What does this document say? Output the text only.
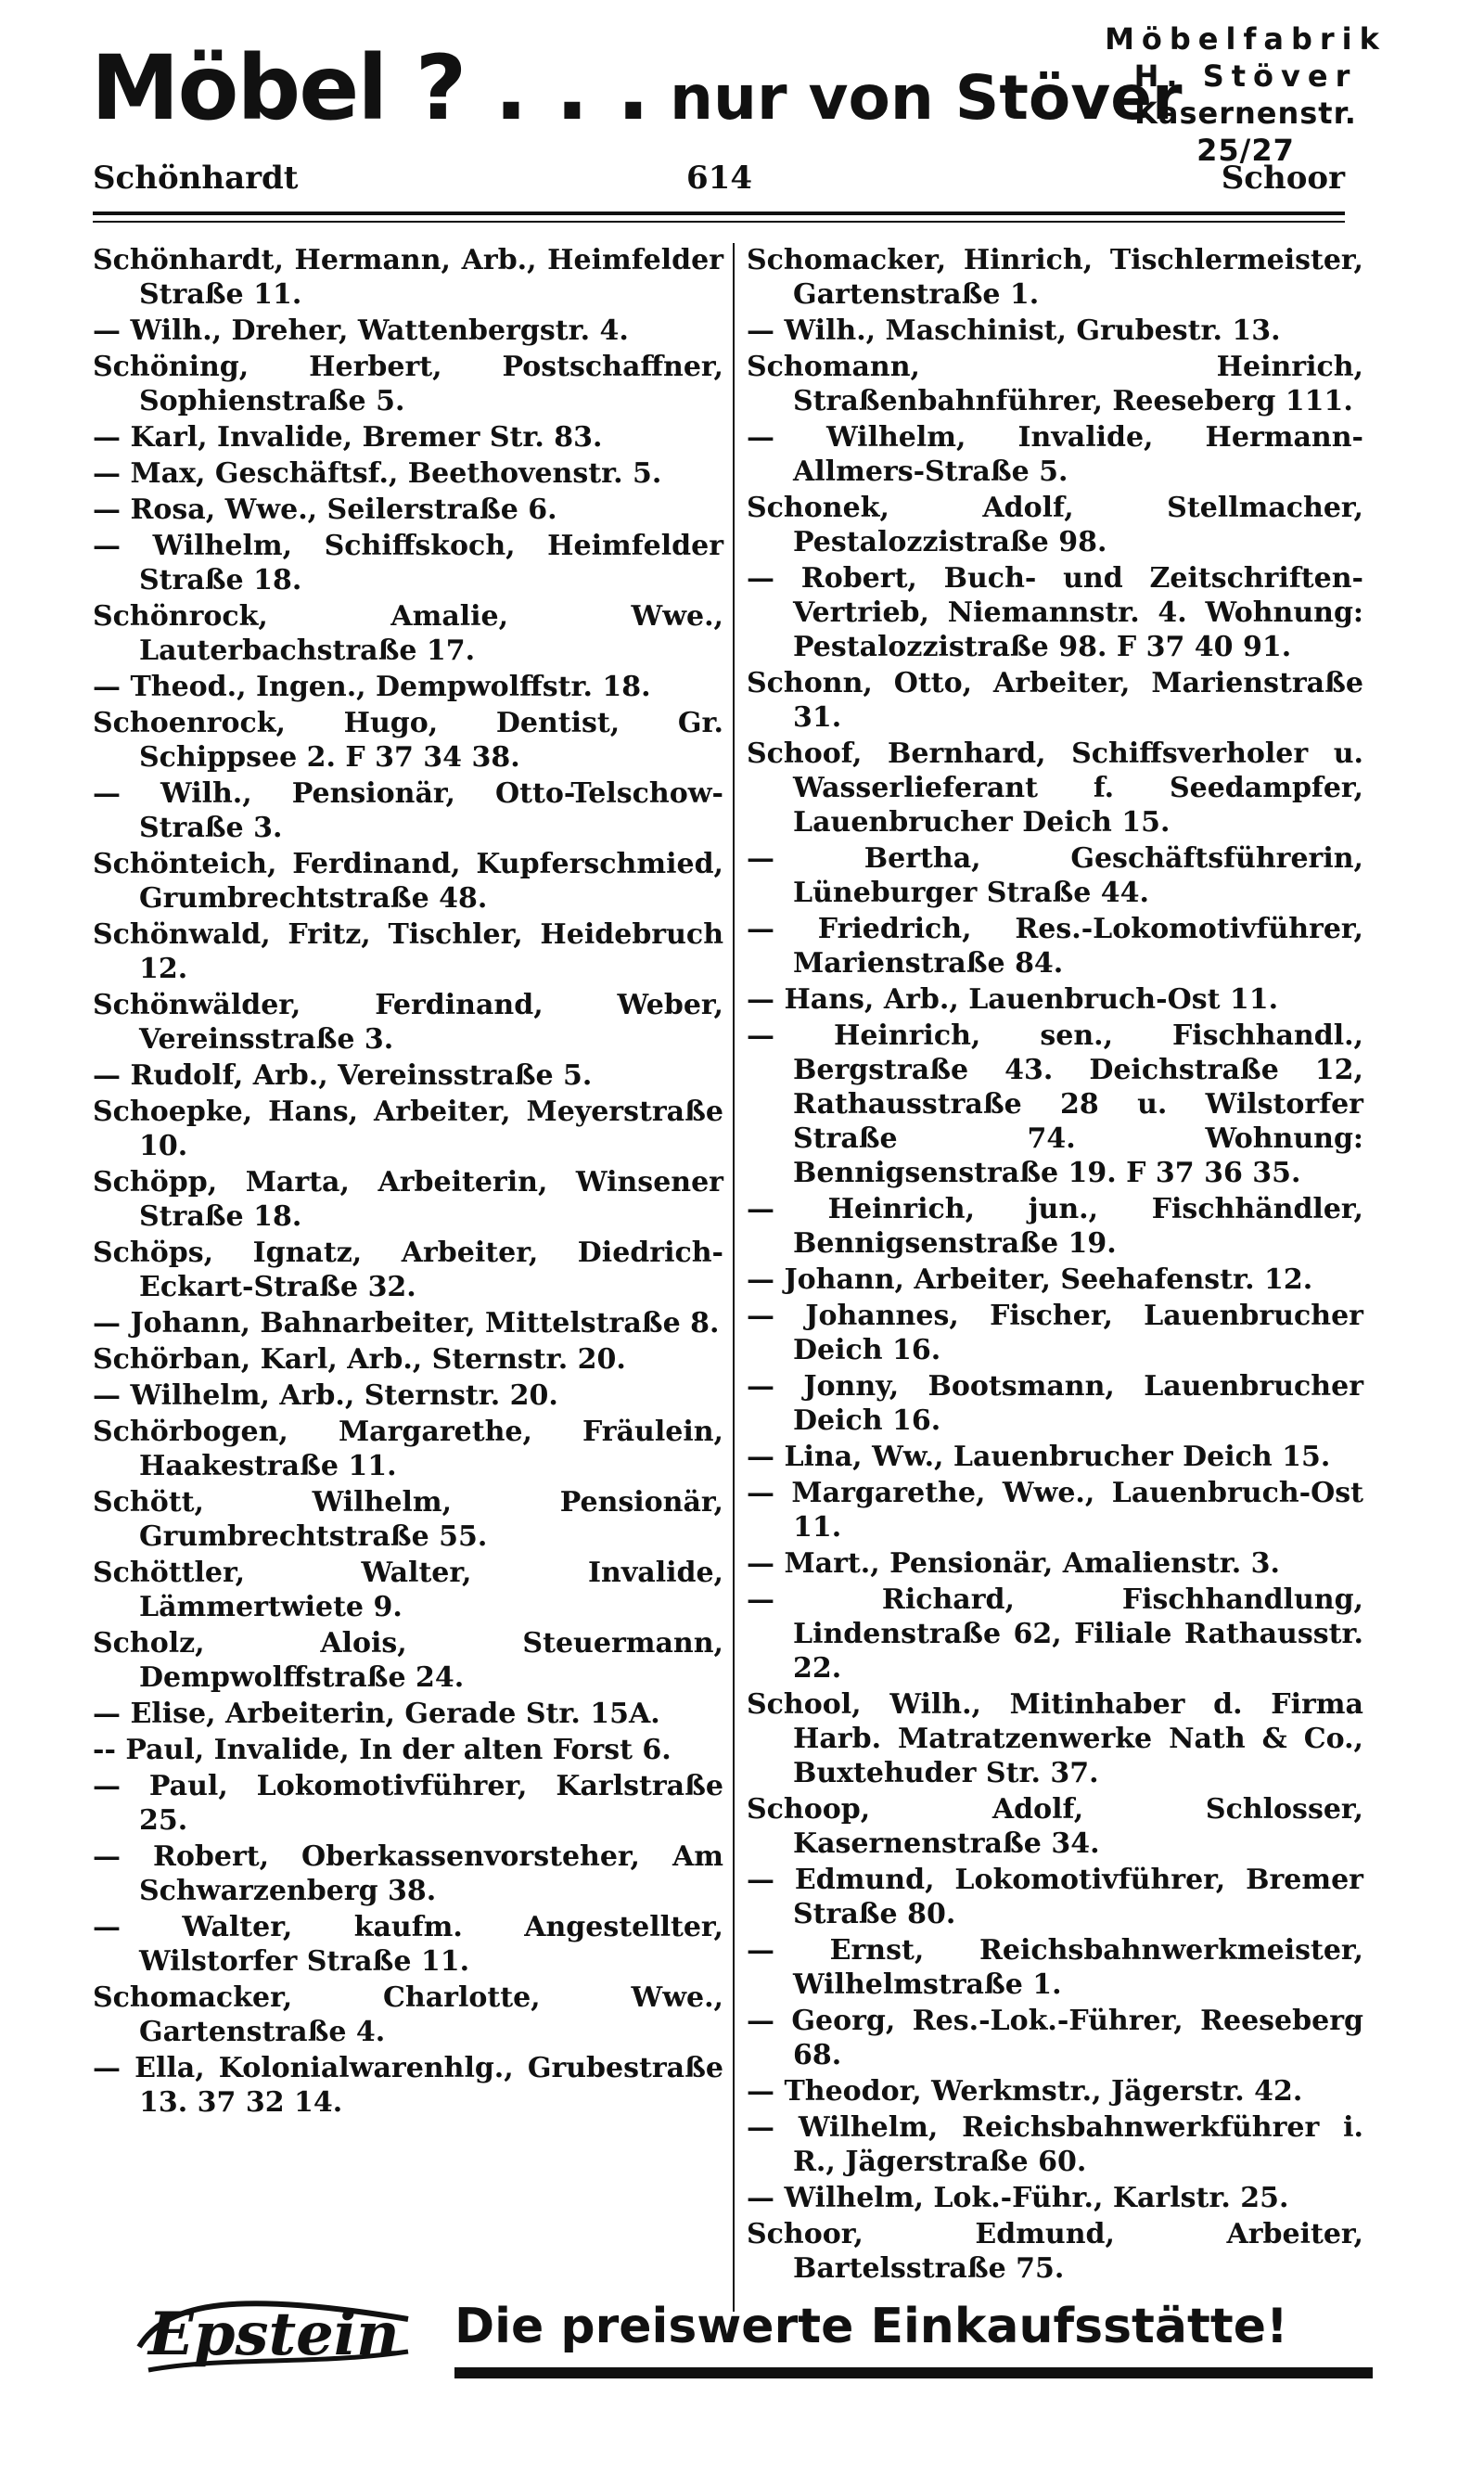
Möbel ? . . . nur von Stöver
Möbelfabrik
H. Stöver
Kasernenstr. 25/27
Schönhardt	614	Schoor
Schönhardt, Hermann, Arb., Heimfelder Straße 11.
— Wilh., Dreher, Wattenbergstr. 4.
Schöning, Herbert, Postschaffner, Sophienstraße 5.
— Karl, Invalide, Bremer Str. 83.
— Max, Geschäftsf., Beethovenstr. 5.
— Rosa, Wwe., Seilerstraße 6.
— Wilhelm, Schiffskoch, Heimfelder Straße 18.
Schönrock, Amalie, Wwe., Lauterbachstraße 17.
— Theod., Ingen., Dempwolffstr. 18.
Schoenrock, Hugo, Dentist, Gr. Schippsee 2. F 37 34 38.
— Wilh., Pensionär, Otto-Telschow-Straße 3.
Schönteich, Ferdinand, Kupferschmied, Grumbrechtstraße 48.
Schönwald, Fritz, Tischler, Heidebruch 12.
Schönwälder, Ferdinand, Weber, Vereinsstraße 3.
— Rudolf, Arb., Vereinsstraße 5.
Schoepke, Hans, Arbeiter, Meyerstraße 10.
Schöpp, Marta, Arbeiterin, Winsener Straße 18.
Schöps, Ignatz, Arbeiter, Diedrich-Eckart-Straße 32.
— Johann, Bahnarbeiter, Mittelstraße 8.
Schörban, Karl, Arb., Sternstr. 20.
— Wilhelm, Arb., Sternstr. 20.
Schörbogen, Margarethe, Fräulein, Haakestraße 11.
Schött, Wilhelm, Pensionär, Grumbrechtstraße 55.
Schöttler, Walter, Invalide, Lämmertwiete 9.
Scholz, Alois, Steuermann, Dempwolffstraße 24.
— Elise, Arbeiterin, Gerade Str. 15A.
-- Paul, Invalide, In der alten Forst 6.
— Paul, Lokomotivführer, Karlstraße 25.
— Robert, Oberkassenvorsteher, Am Schwarzenberg 38.
— Walter, kaufm. Angestellter, Wilstorfer Straße 11.
Schomacker, Charlotte, Wwe., Gartenstraße 4.
— Ella, Kolonialwarenhlg., Grubestraße 13. 37 32 14.
Schomacker, Hinrich, Tischlermeister, Gartenstraße 1.
— Wilh., Maschinist, Grubestr. 13.
Schomann, Heinrich, Straßenbahnführer, Reeseberg 111.
— Wilhelm, Invalide, Hermann-Allmers-Straße 5.
Schonek, Adolf, Stellmacher, Pestalozzistraße 98.
— Robert, Buch- und Zeitschriften-Vertrieb, Niemannstr. 4. Wohnung: Pestalozzistraße 98. F 37 40 91.
Schonn, Otto, Arbeiter, Marienstraße 31.
Schoof, Bernhard, Schiffsverholer u. Wasserlieferant f. Seedampfer, Lauenbrucher Deich 15.
— Bertha, Geschäftsführerin, Lüneburger Straße 44.
— Friedrich, Res.-Lokomotivführer, Marienstraße 84.
— Hans, Arb., Lauenbruch-Ost 11.
— Heinrich, sen., Fischhandl., Bergstraße 43. Deichstraße 12, Rathausstraße 28 u. Wilstorfer Straße 74. Wohnung: Bennigsenstraße 19. F 37 36 35.
— Heinrich, jun., Fischhändler, Bennigsenstraße 19.
— Johann, Arbeiter, Seehafenstr. 12.
— Johannes, Fischer, Lauenbrucher Deich 16.
— Jonny, Bootsmann, Lauenbrucher Deich 16.
— Lina, Ww., Lauenbrucher Deich 15.
— Margarethe, Wwe., Lauenbruch-Ost 11.
— Mart., Pensionär, Amalienstr. 3.
— Richard, Fischhandlung, Lindenstraße 62, Filiale Rathausstr. 22.
School, Wilh., Mitinhaber d. Firma Harb. Matratzenwerke Nath & Co., Buxtehuder Str. 37.
Schoop, Adolf, Schlosser, Kasernenstraße 34.
— Edmund, Lokomotivführer, Bremer Straße 80.
— Ernst, Reichsbahnwerkmeister, Wilhelmstraße 1.
— Georg, Res.-Lok.-Führer, Reeseberg 68.
— Theodor, Werkmstr., Jägerstr. 42.
— Wilhelm, Reichsbahnwerkführer i. R., Jägerstraße 60.
— Wilhelm, Lok.-Führ., Karlstr. 25.
Schoor, Edmund, Arbeiter, Bartelsstraße 75.
Epstein Die preiswerte Einkaufsstätte!
